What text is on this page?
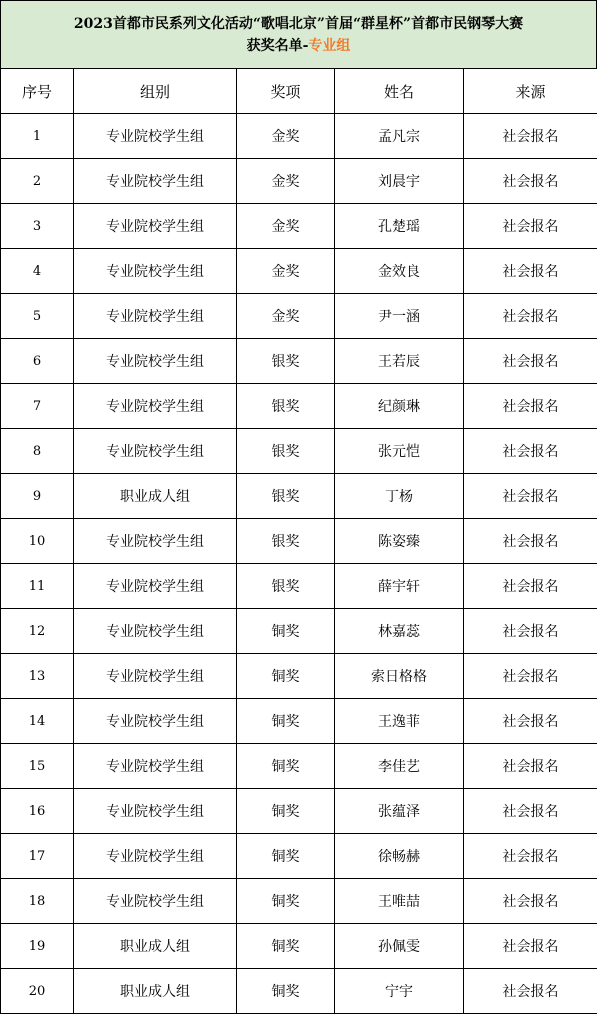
2023首都市民系列文化活动“歌唱北京”首届“群星杯”首都市民钢琴大赛
获奖名单-专业组
序号	组别	奖项	姓名	来源
1	专业院校学生组	金奖	孟凡宗	社会报名
2	专业院校学生组	金奖	刘晨宇	社会报名
3	专业院校学生组	金奖	孔楚瑶	社会报名
4	专业院校学生组	金奖	金效良	社会报名
5	专业院校学生组	金奖	尹一涵	社会报名
6	专业院校学生组	银奖	王若辰	社会报名
7	专业院校学生组	银奖	纪颜琳	社会报名
8	专业院校学生组	银奖	张元恺	社会报名
9	职业成人组	银奖	丁杨	社会报名
10	专业院校学生组	银奖	陈姿臻	社会报名
11	专业院校学生组	银奖	薛宇轩	社会报名
12	专业院校学生组	铜奖	林嘉蕊	社会报名
13	专业院校学生组	铜奖	索日格格	社会报名
14	专业院校学生组	铜奖	王逸菲	社会报名
15	专业院校学生组	铜奖	李佳艺	社会报名
16	专业院校学生组	铜奖	张蕴泽	社会报名
17	专业院校学生组	铜奖	徐畅赫	社会报名
18	专业院校学生组	铜奖	王唯喆	社会报名
19	职业成人组	铜奖	孙佩雯	社会报名
20	职业成人组	铜奖	宁宇	社会报名
